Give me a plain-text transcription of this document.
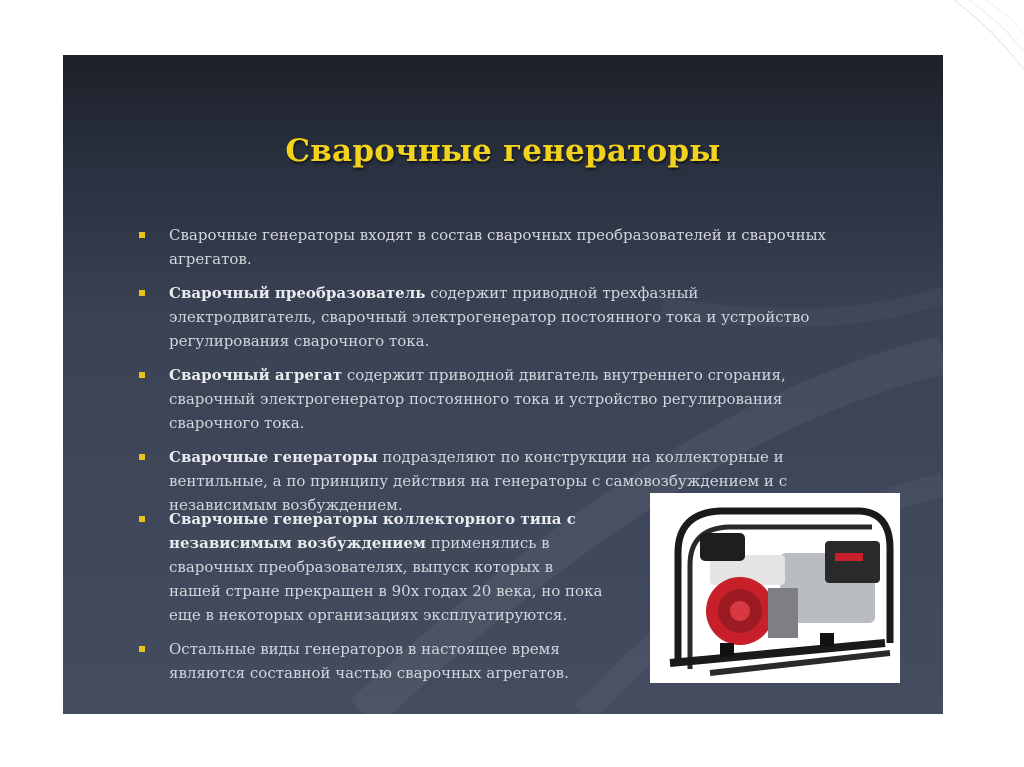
Сварочные генераторы
Сварочные генераторы входят в состав сварочных преобразователей и сварочных агрегатов.
Сварочный преобразователь содержит приводной трехфазный электродвигатель, сварочный электрогенератор постоянного тока и устройство регулирования сварочного тока.
Сварочный агрегат содержит приводной двигатель внутреннего сгорания, сварочный электрогенератор постоянного тока и устройство регулирования сварочного тока.
Сварочные генераторы подразделяют по конструкции на коллекторные и вентильные, а по принципу действия на генераторы с самовозбуждением и с независимым возбуждением.
Сварчоные генераторы коллекторного типа с независимым возбуждением применялись в сварочных преобразователях, выпуск которых в нашей стране прекращен в 90х годах 20 века, но пока еще в некоторых организациях эксплуатируются.
Остальные виды генераторов в настоящее время являются составной частью сварочных агрегатов.
